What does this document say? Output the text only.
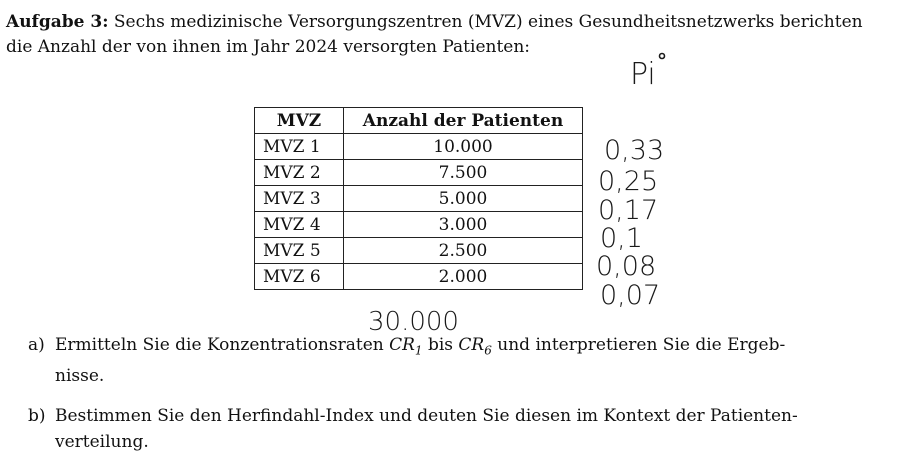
Aufgabe 3: Sechs medizinische Versorgungszentren (MVZ) eines Gesundheitsnetzwerks berichten
die Anzahl der von ihnen im Jahr 2024 versorgten Patienten:
MVZ	Anzahl der Patienten
MVZ 1	10.000
MVZ 2	7.500
MVZ 3	5.000
MVZ 4	3.000
MVZ 5	2.500
MVZ 6	2.000
Pi
0,33
0,25
0,17
0,1
0,08
0,07
30.000
a) Ermitteln Sie die Konzentrationsraten $CR_1$ bis $CR_6$ und interpretieren Sie die Ergeb-
nisse.
b) Bestimmen Sie den Herfindahl-Index und deuten Sie diesen im Kontext der Patienten-
verteilung.
